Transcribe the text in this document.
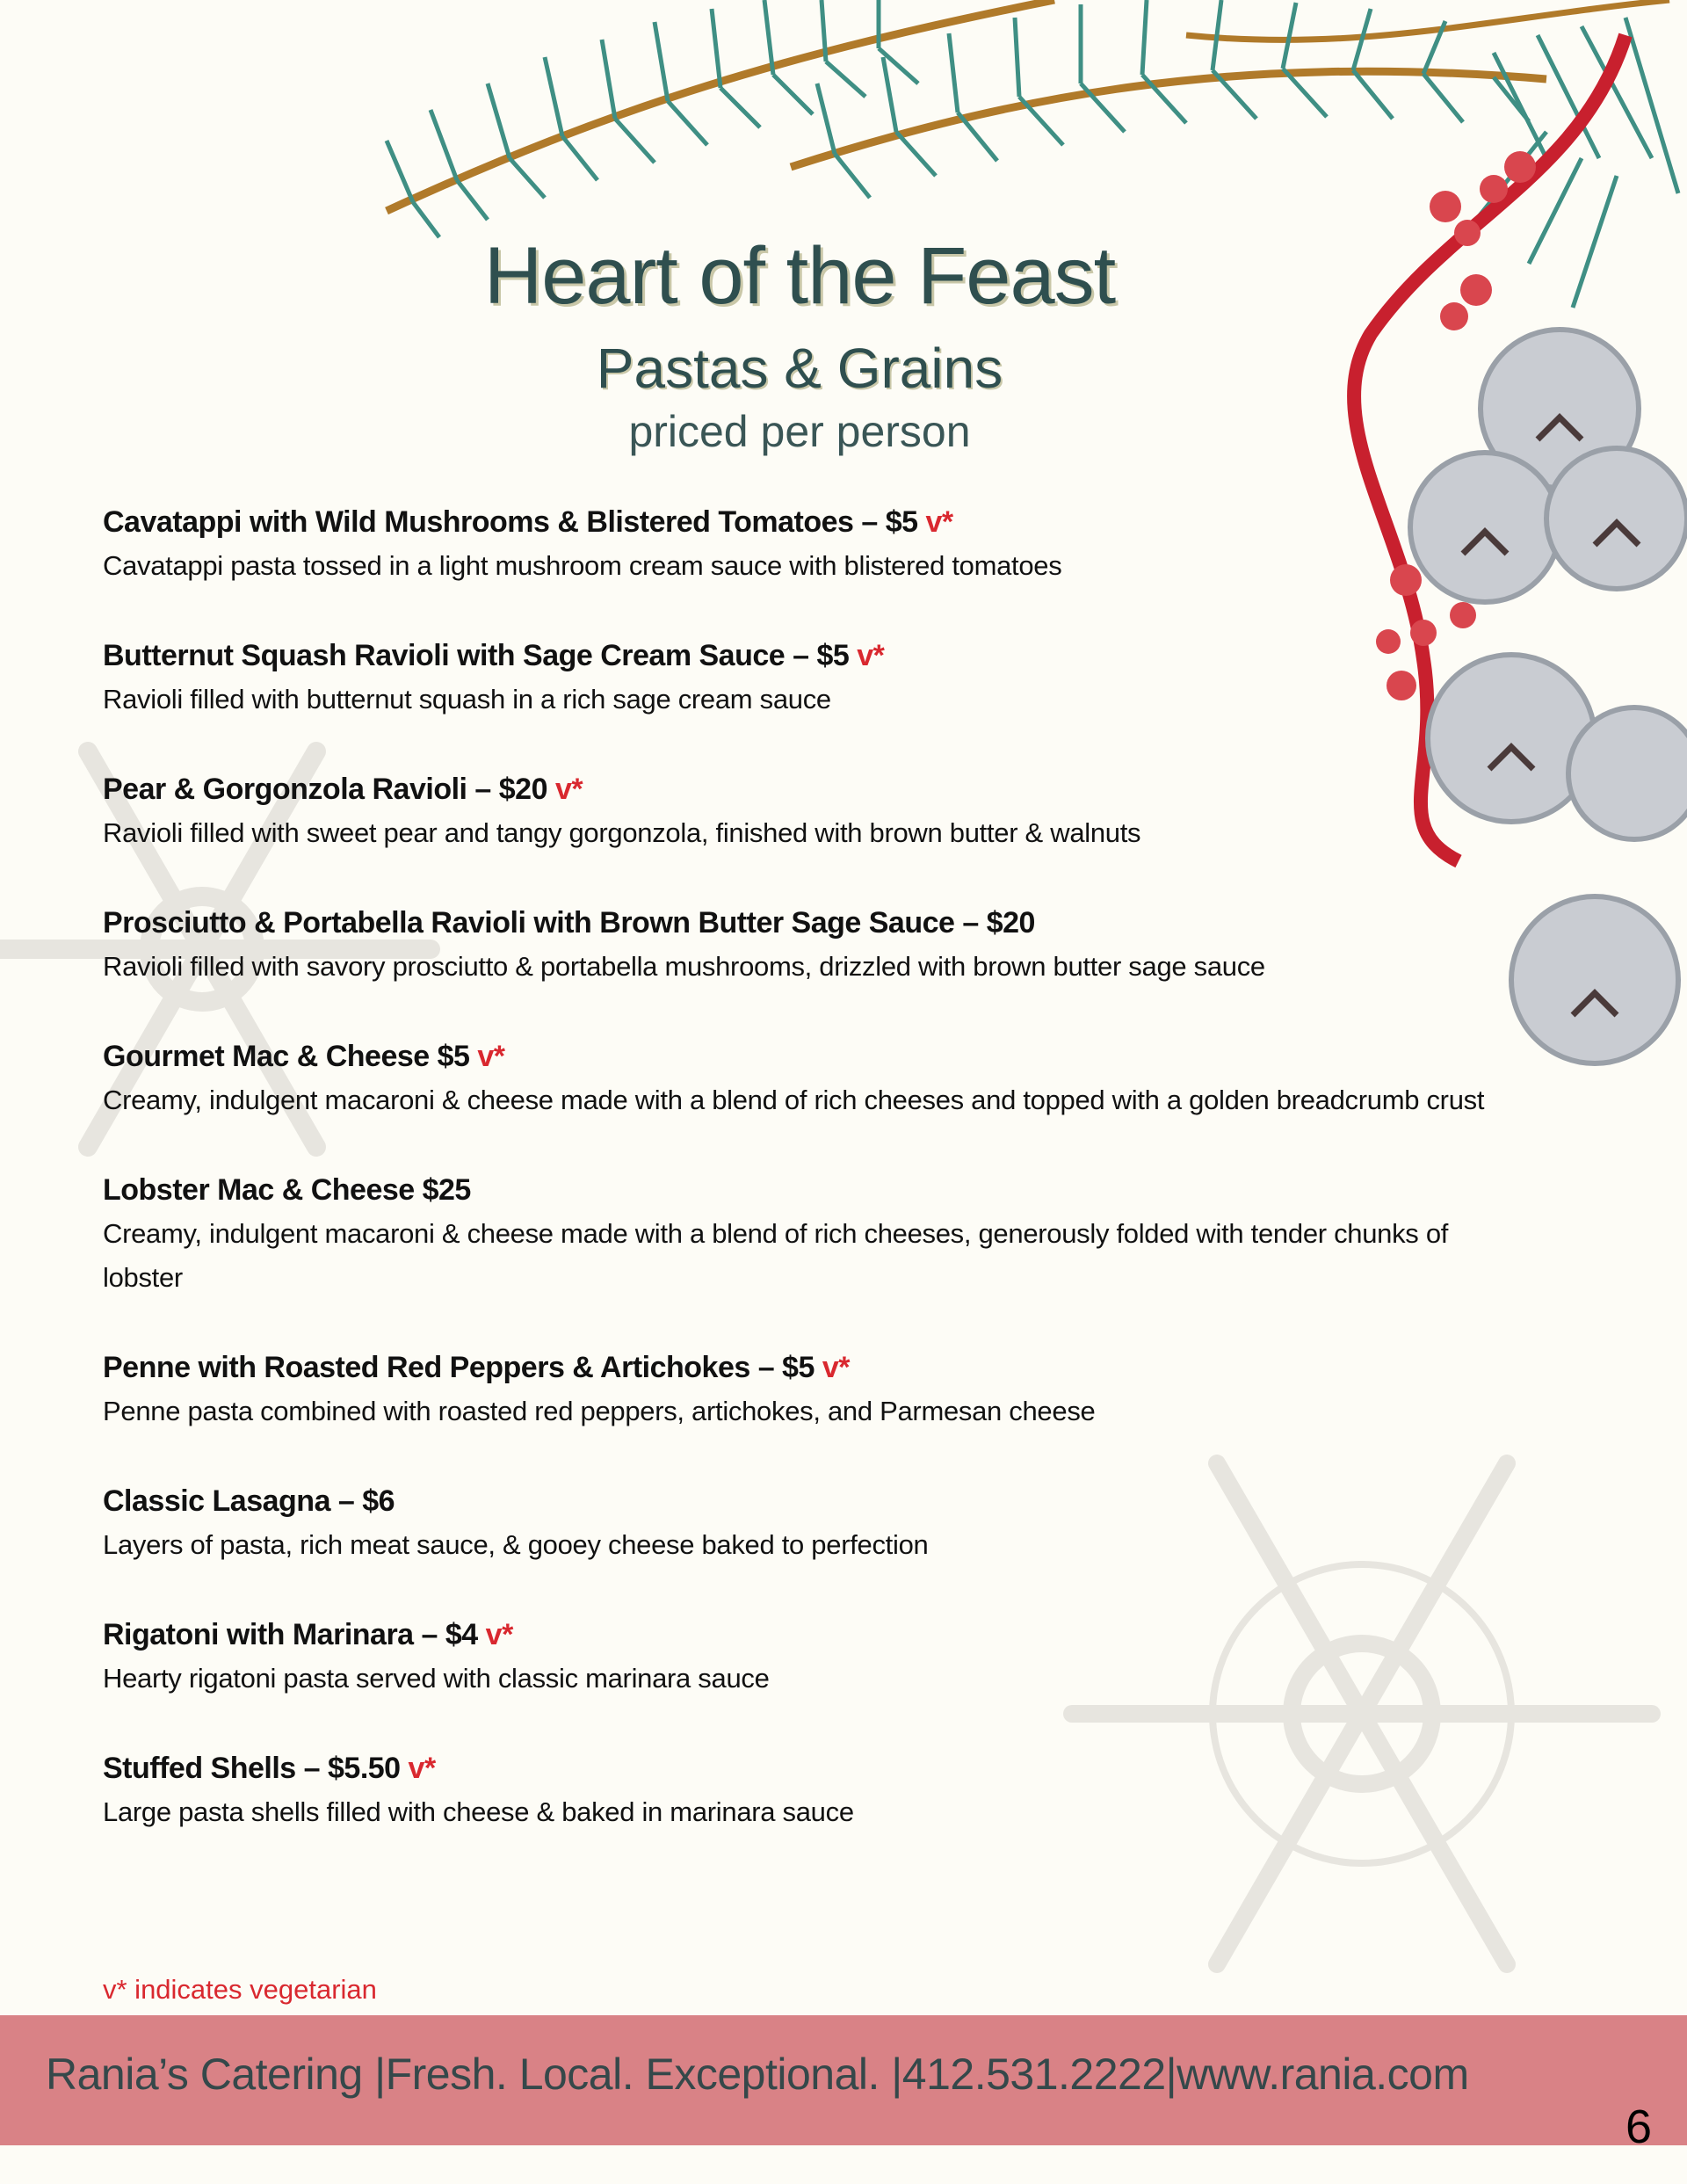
Heart of the Feast
Pastas & Grains
priced per person
Cavatappi with Wild Mushrooms & Blistered Tomatoes – $5 v*
Cavatappi pasta tossed in a light mushroom cream sauce with blistered tomatoes
Butternut Squash Ravioli with Sage Cream Sauce – $5 v*
Ravioli filled with butternut squash in a rich sage cream sauce
Pear & Gorgonzola Ravioli – $20 v*
Ravioli filled with sweet pear and tangy gorgonzola, finished with brown butter & walnuts
Prosciutto & Portabella Ravioli with Brown Butter Sage Sauce – $20
Ravioli filled with savory prosciutto & portabella mushrooms, drizzled with brown butter sage sauce
Gourmet Mac & Cheese $5 v*
Creamy, indulgent macaroni & cheese made with a blend of rich cheeses and topped with a golden breadcrumb crust
Lobster Mac & Cheese $25
Creamy, indulgent macaroni & cheese made with a blend of rich cheeses, generously folded with tender chunks of lobster
Penne with Roasted Red Peppers & Artichokes – $5 v*
Penne pasta combined with roasted red peppers, artichokes, and Parmesan cheese
Classic Lasagna – $6
Layers of pasta, rich meat sauce, & gooey cheese baked to perfection
Rigatoni with Marinara – $4 v*
Hearty rigatoni pasta served with classic marinara sauce
Stuffed Shells – $5.50 v*
Large pasta shells filled with cheese & baked in marinara sauce
v* indicates vegetarian
Rania’s Catering |Fresh. Local. Exceptional. |412.531.2222|www.rania.com
6
